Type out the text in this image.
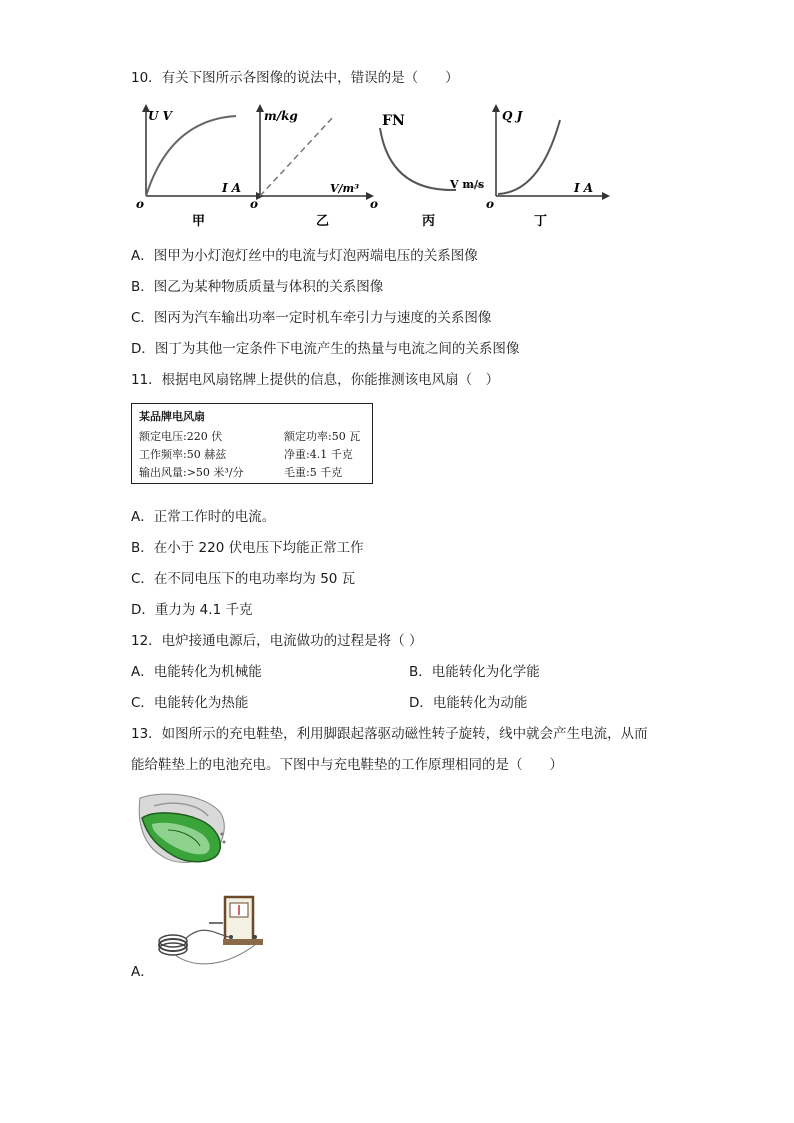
10．有关下图所示各图像的说法中，错误的是（　　）
U V
I A
o
甲
m/kg
V/m³
o
乙
FN
V m/s
o
丙
Q J
I A
o
丁
A．图甲为小灯泡灯丝中的电流与灯泡两端电压的关系图像
B．图乙为某种物质质量与体积的关系图像
C．图丙为汽车输出功率一定时机车牵引力与速度的关系图像
D．图丁为其他一定条件下电流产生的热量与电流之间的关系图像
11．根据电风扇铭牌上提供的信息，你能推测该电风扇（　）
某品牌电风扇
额定电压:220 伏	额定功率:50 瓦
工作频率:50 赫兹	净重:4.1 千克
输出风量:>50 米³/分	毛重:5 千克
A．正常工作时的电流。
B．在小于 220 伏电压下均能正常工作
C．在不同电压下的电功率均为 50 瓦
D．重力为 4.1 千克
12．电炉接通电源后，电流做功的过程是将（ ）
A．电能转化为机械能	B．电能转化为化学能
C．电能转化为热能	D．电能转化为动能
13．如图所示的充电鞋垫，利用脚跟起落驱动磁性转子旋转，线中就会产生电流，从而
能给鞋垫上的电池充电。下图中与充电鞋垫的工作原理相同的是（　　）
A．
